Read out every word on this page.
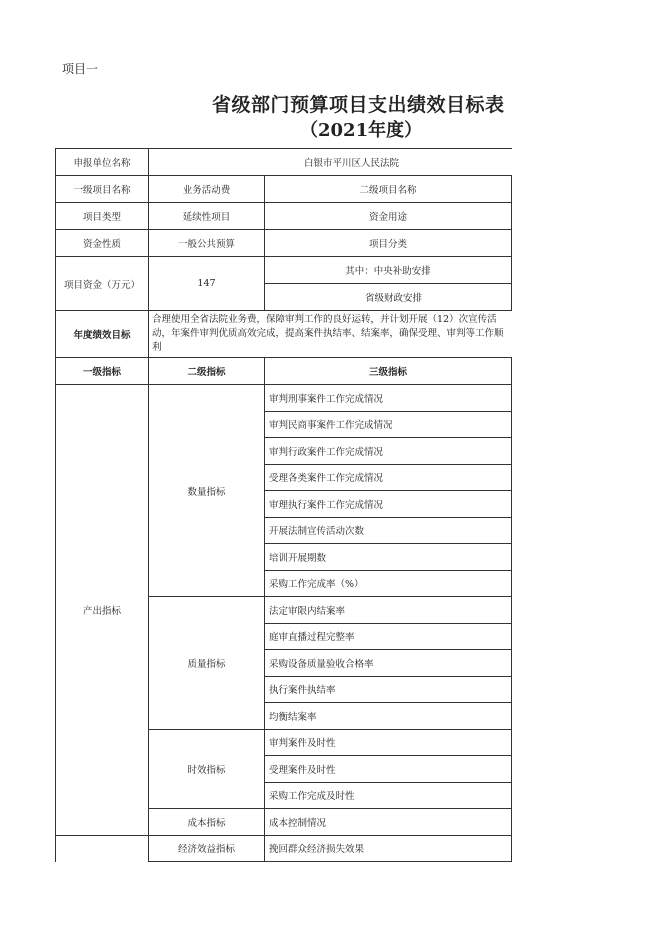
项目一
省级部门预算项目支出绩效目标表
（2021年度）
申报单位名称	白银市平川区人民法院	
一级项目名称	业务活动费	二级项目名称
项目类型	延续性项目	资金用途
资金性质	一般公共预算	项目分类
项目资金（万元）	147	其中：中央补助安排
		省级财政安排
年度绩效目标	合理使用全省法院业务费，保障审判工作的良好运转，并计划开展（12）次宣传活动，年案件审判优质高效完成，提高案件执结率、结案率，确保受理、审判等工作顺利	
一级指标	二级指标	三级指标
产出指标	数量指标	审判刑事案件工作完成情况
		审判民商事案件工作完成情况
		审判行政案件工作完成情况
		受理各类案件工作完成情况
		审理执行案件工作完成情况
		开展法制宣传活动次数
		培训开展期数
		采购工作完成率（%）
	质量指标	法定审限内结案率
		庭审直播过程完整率
		采购设备质量验收合格率
		执行案件执结率
		均衡结案率
	时效指标	审判案件及时性
		受理案件及时性
		采购工作完成及时性
	成本指标	成本控制情况
	经济效益指标	挽回群众经济损失效果
